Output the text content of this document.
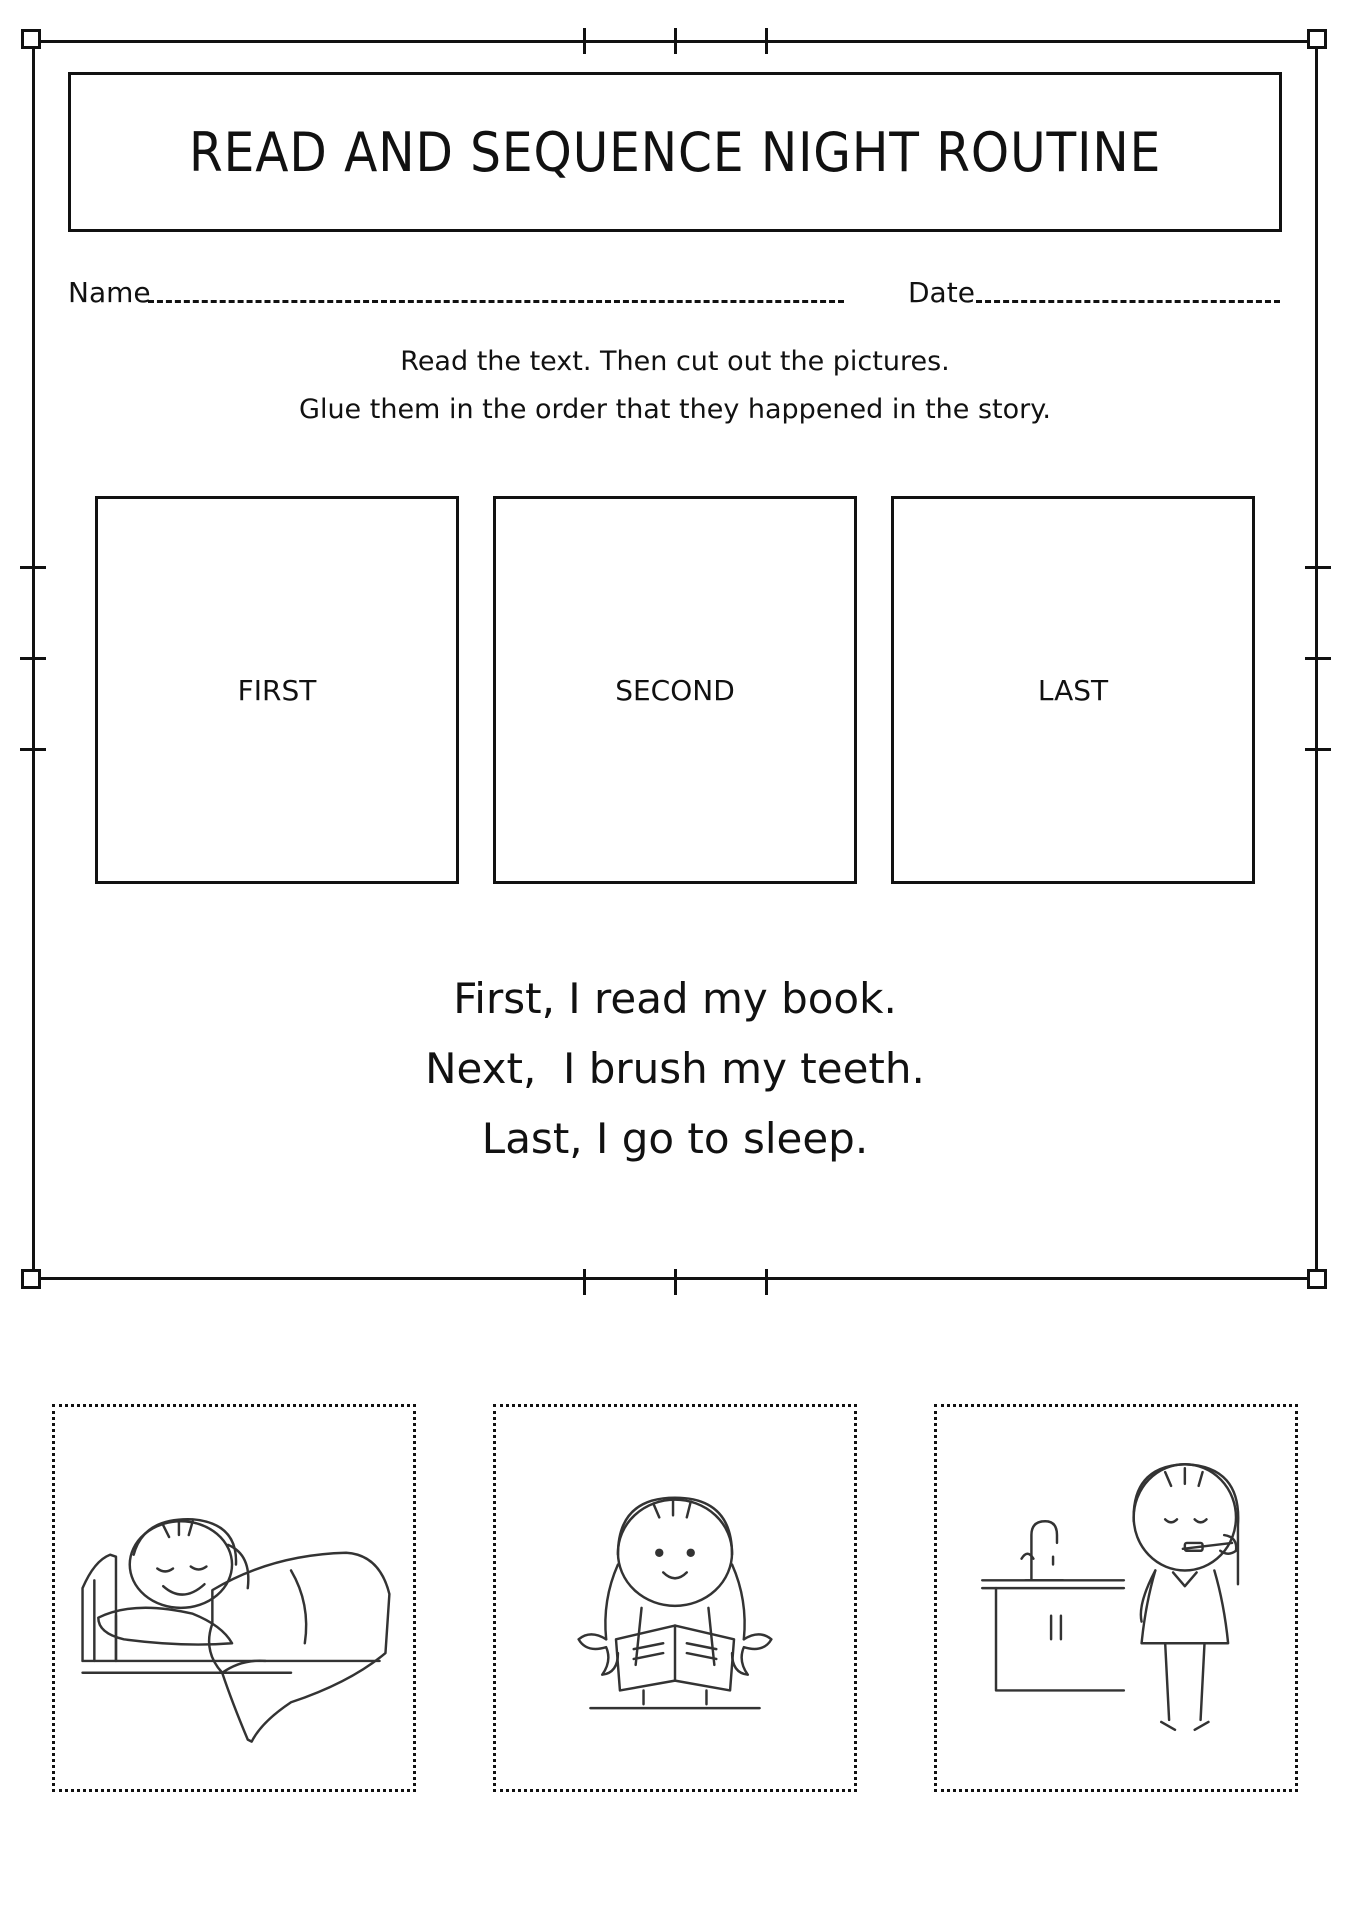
READ AND SEQUENCE NIGHT ROUTINE
Name	Date
Read the text. Then cut out the pictures.
Glue them in the order that they happened in the story.
FIRST	SECOND	LAST
First, I read my book.
Next,  I brush my teeth.
Last, I go to sleep.
